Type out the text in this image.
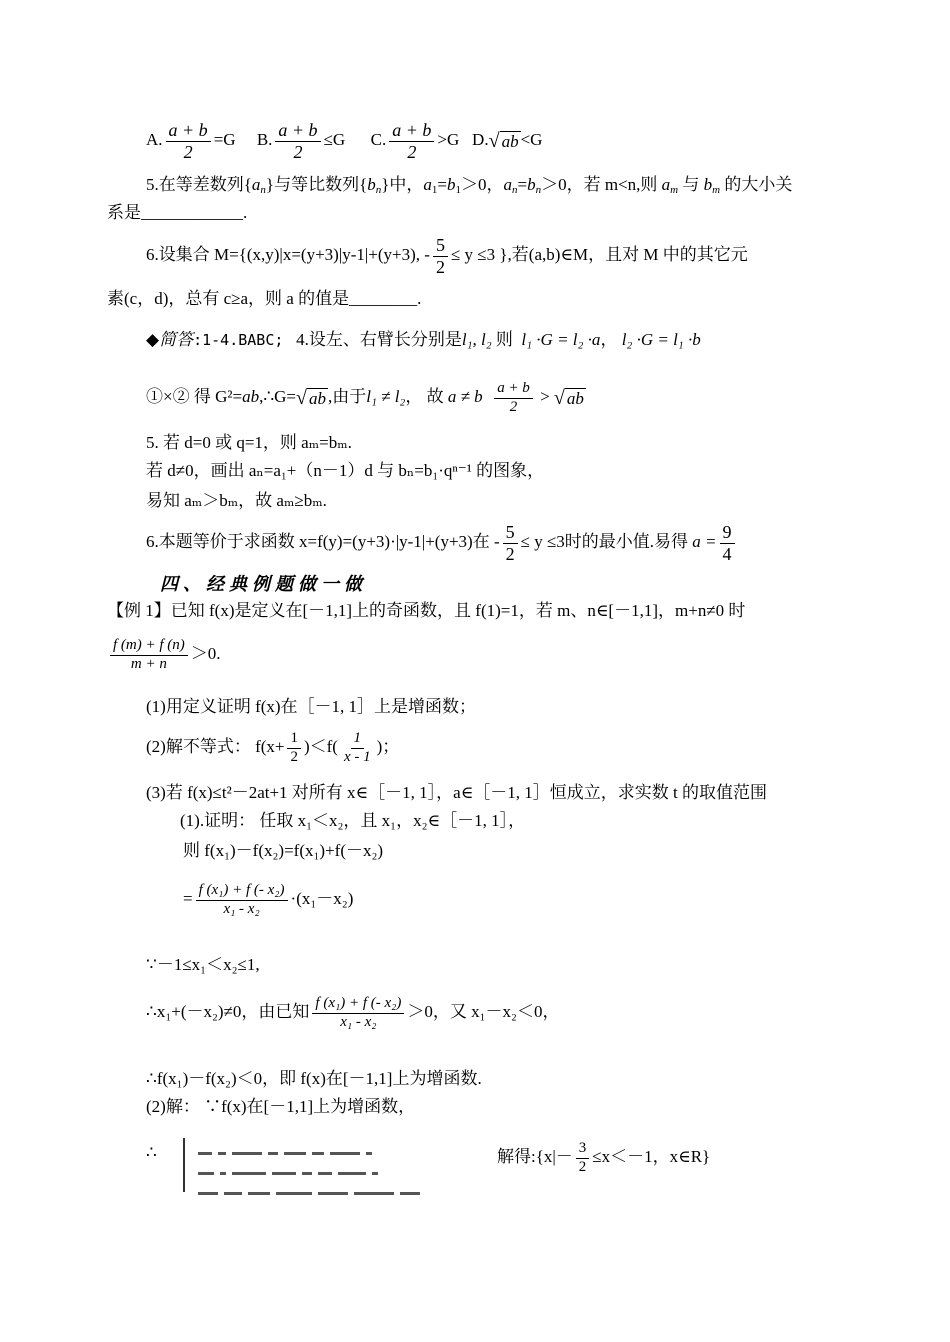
A. $\frac{a + b}{2} =G$ B. $\frac{a + b}{2} \le G$ C. $\frac{a + b}{2} >G$ D.√ ab <G
5.在等差数列$\{a_n\}$与等比数列$\{b_n\}$中，$a_1=b_1>0$，$a_n=b_n>0$，若 m<n,则 $a_m$ 与 $b_m$ 的大小关
系是____________.
6.设集合 M={(x,y)|x=(y+3)|y-1|+(y+3), - $\frac{5}{2} \le y \le 3$ },若(a,b)∈M，且对 M 中的其它元
素(c，d)，总有 c≥a，则 a 的值是________.
◆简答:1-4.BABC; 4.设左、右臂长分别是l₁, l₂ 则 l₁ ·G = l₂ ·a， l₂ ·G = l₁ ·b
①×② 得 G²=ab,∴G=√ ab ,由于l₁ ≠ l₂， 故 a ≠ b $\frac{a + b}{2}$ > √ ab
5. 若 d=0 或 q=1，则 aₘ=bₘ.
若 d≠0，画出 aₙ=a₁+（n－1）d 与 bₙ=b₁·qⁿ⁻¹ 的图象，
易知 aₘ＞bₘ，故 aₘ≥bₘ.
6.本题等价于求函数 x=f(y)=(y+3)·|y-1|+(y+3)在 - $\frac{5}{2} \le y \le 3$时的最小值.易得 $a = \frac{9}{4}$
四、经典例题做一做
【例 1】已知 f(x)是定义在[－1,1]上的奇函数，且 f(1)=1，若 m、n∈[－1,1]，m+n≠0 时
$\frac{f (m) + f (n)}{m + n} >0$.
(1)用定义证明 f(x)在［－1, 1］上是增函数；
(2)解不等式： $f(x+ \frac{1}{2} )<f( \frac{1}{x - 1}$ )；
(3)若 f(x)≤t²－2at+1 对所有 x∈［－1, 1］，a∈［－1, 1］恒成立，求实数 t 的取值范围
(1).证明： 任取 x₁＜x₂，且 x₁，x₂∈［－1, 1］，
则 f(x₁)－f(x₂)=f(x₁)+f(－x₂)
= $\frac{\text{f (x₁) + f (- x₂)}}{\text{x₁ - x₂}} \cdot(x_1-x_2)$
∵－1≤x₁＜x₂≤1,
∴x₁+(－x₂)≠0，由已知 $\frac{\text{f (x₁) + f (- x₂)}}{\text{x₁ - x₂}} >0$，又 x₁－x₂＜0，
∴f(x₁)－f(x₂)＜0，即 f(x)在[－1,1]上为增函数.
(2)解： ∵f(x)在[－1,1]上为增函数，
∴	解得:{x|－ $\frac{3}{2} \le x<-1$，x∈R}
